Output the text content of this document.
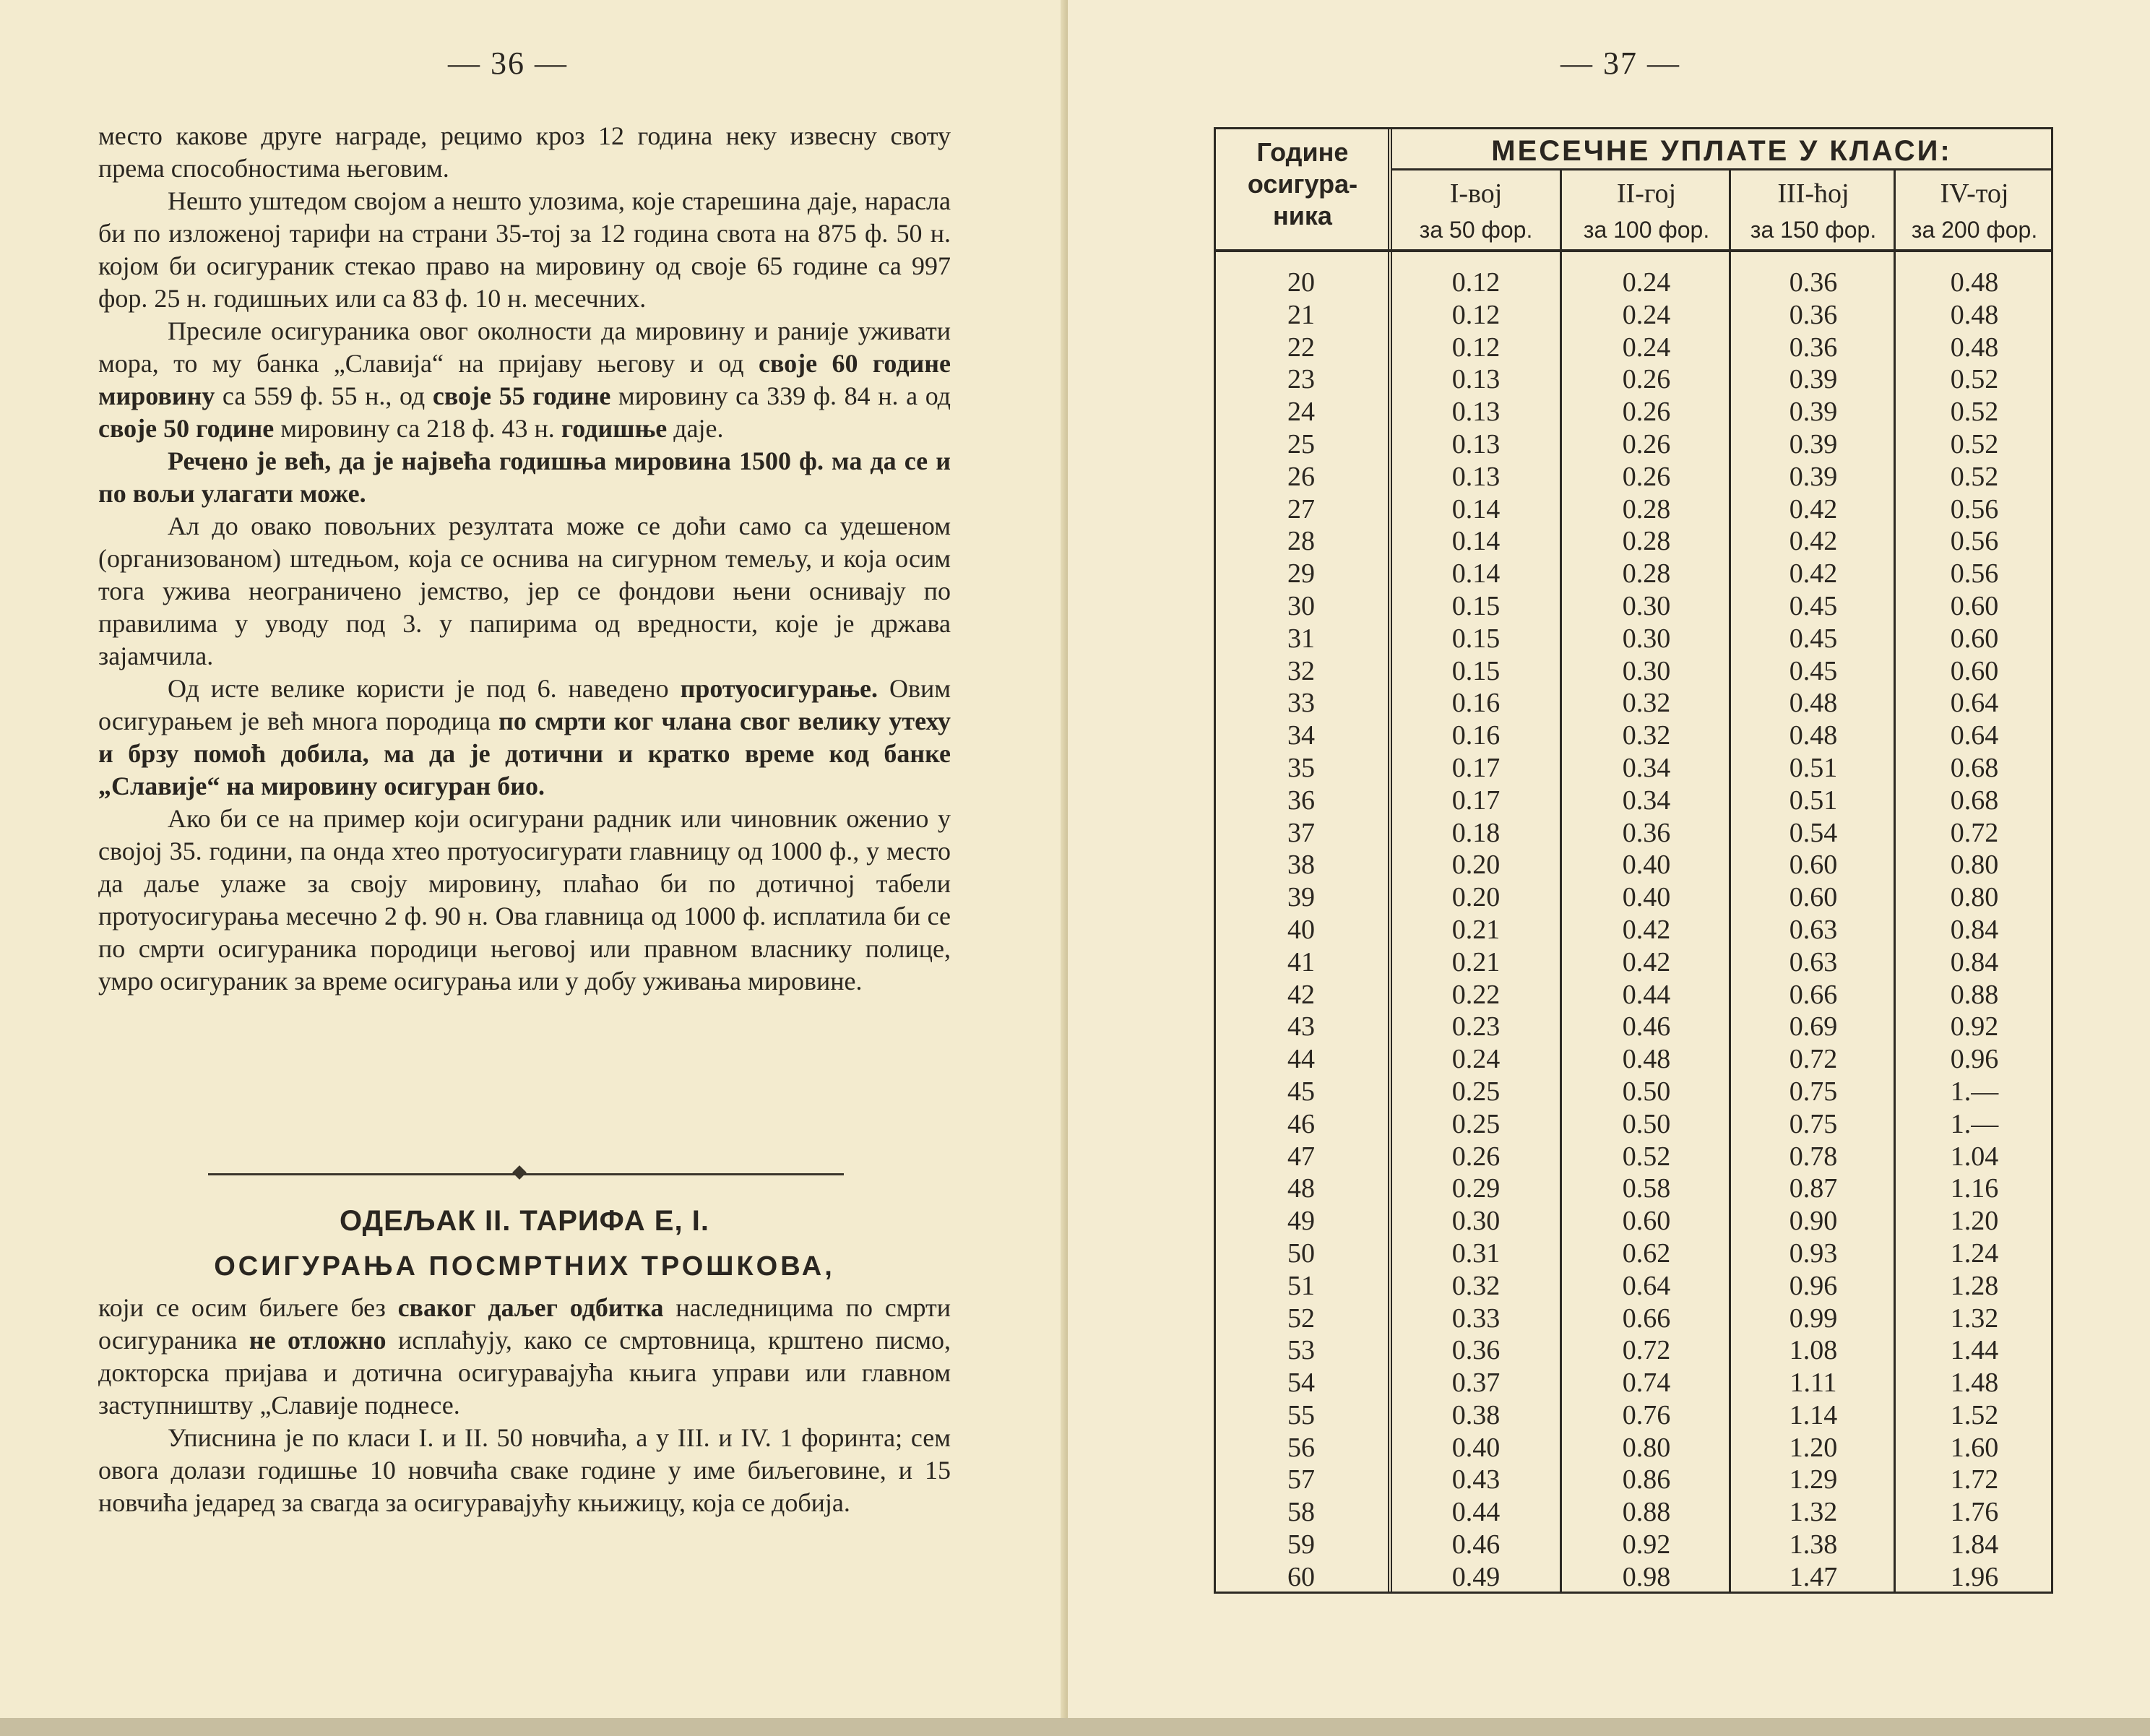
— 36 —

место какове друге награде, рецимо кроз 12 година неку извесну своту према способностима његовим.

Нешто уштедом својом а нешто улозима, које старешина даје, нарасла би по изложеној тарифи на страни 35-тој за 12 година свота на 875 ф. 50 н. којом би осигураник стекао право на мировину од своје 65 године са 997 фор. 25 н. годишњих или са 83 ф. 10 н. месечних.

Пресиле осигураника овог околности да мировину и раније уживати мора, то му банка „Славија“ на пријаву његову и од своје 60 године мировину са 559 ф. 55 н., од своје 55 године мировину са 339 ф. 84 н. а од своје 50 године мировину са 218 ф. 43 н. годишње даје.

Речено је већ, да је највећа годишња мировина 1500 ф. ма да се и по вољи улагати може.

Ал до овако повољних резултата може се доћи само са удешеном (организованом) штедњом, која се оснива на сигурном темељу, и која осим тога ужива неограничено јемство, јер се фондови њени оснивају по правилима у уводу под 3. у папирима од вредности, које је држава зајамчила.

Од исте велике користи је под 6. наведено протуосигурање. Овим осигурањем је већ многа породица по смрти ког члана свог велику утеху и брзу помоћ добила, ма да је дотични и кратко време код банке „Славије“ на мировину осигуран био.

Ако би се на пример који осигурани радник или чиновник оженио у својој 35. години, па онда хтео протуосигурати главницу од 1000 ф., у место да даље улаже за своју мировину, плаћао би по дотичној табели протуосигурања месечно 2 ф. 90 н. Ова главница од 1000 ф. исплатила би се по смрти осигураника породици његовој или правном власнику полице, умро осигураник за време осигурања или у добу уживања мировине.

ОДЕЉАК II. ТАРИФА Е, I.
ОСИГУРАЊА ПОСМРТНИХ ТРОШКОВА,

који се осим биљеге без сваког даљег одбитка наследницима по смрти осигураника не отложно исплаћују, како се смртовница, крштено писмо, докторска пријава и дотична осигуравајућа књига управи или главном заступништву „Славије поднесе.

Уписнина је по класи I. и II. 50 новчића, а у III. и IV. 1 форинта; сем овога долази годишње 10 новчића сваке године у име биљеговине, и 15 новчића једаред за свагда за осигуравајућу књижицу, која се добија.

— 37 —
Године
осигура-
ника
МЕСЕЧНЕ УПЛАТЕ У КЛАСИ:
I-вој
за 50 фор.
II-гој
за 100 фор.
III-ћој
за 150 фор.
IV-тој
за 200 фор.
20
21
22
23
24
25
26
27
28
29
30
31
32
33
34
35
36
37
38
39
40
41
42
43
44
45
46
47
48
49
50
51
52
53
54
55
56
57
58
59
60
0.12
0.12
0.12
0.13
0.13
0.13
0.13
0.14
0.14
0.14
0.15
0.15
0.15
0.16
0.16
0.17
0.17
0.18
0.20
0.20
0.21
0.21
0.22
0.23
0.24
0.25
0.25
0.26
0.29
0.30
0.31
0.32
0.33
0.36
0.37
0.38
0.40
0.43
0.44
0.46
0.49
0.24
0.24
0.24
0.26
0.26
0.26
0.26
0.28
0.28
0.28
0.30
0.30
0.30
0.32
0.32
0.34
0.34
0.36
0.40
0.40
0.42
0.42
0.44
0.46
0.48
0.50
0.50
0.52
0.58
0.60
0.62
0.64
0.66
0.72
0.74
0.76
0.80
0.86
0.88
0.92
0.98
0.36
0.36
0.36
0.39
0.39
0.39
0.39
0.42
0.42
0.42
0.45
0.45
0.45
0.48
0.48
0.51
0.51
0.54
0.60
0.60
0.63
0.63
0.66
0.69
0.72
0.75
0.75
0.78
0.87
0.90
0.93
0.96
0.99
1.08
1.11
1.14
1.20
1.29
1.32
1.38
1.47
0.48
0.48
0.48
0.52
0.52
0.52
0.52
0.56
0.56
0.56
0.60
0.60
0.60
0.64
0.64
0.68
0.68
0.72
0.80
0.80
0.84
0.84
0.88
0.92
0.96
1.—
1.—
1.04
1.16
1.20
1.24
1.28
1.32
1.44
1.48
1.52
1.60
1.72
1.76
1.84
1.96
